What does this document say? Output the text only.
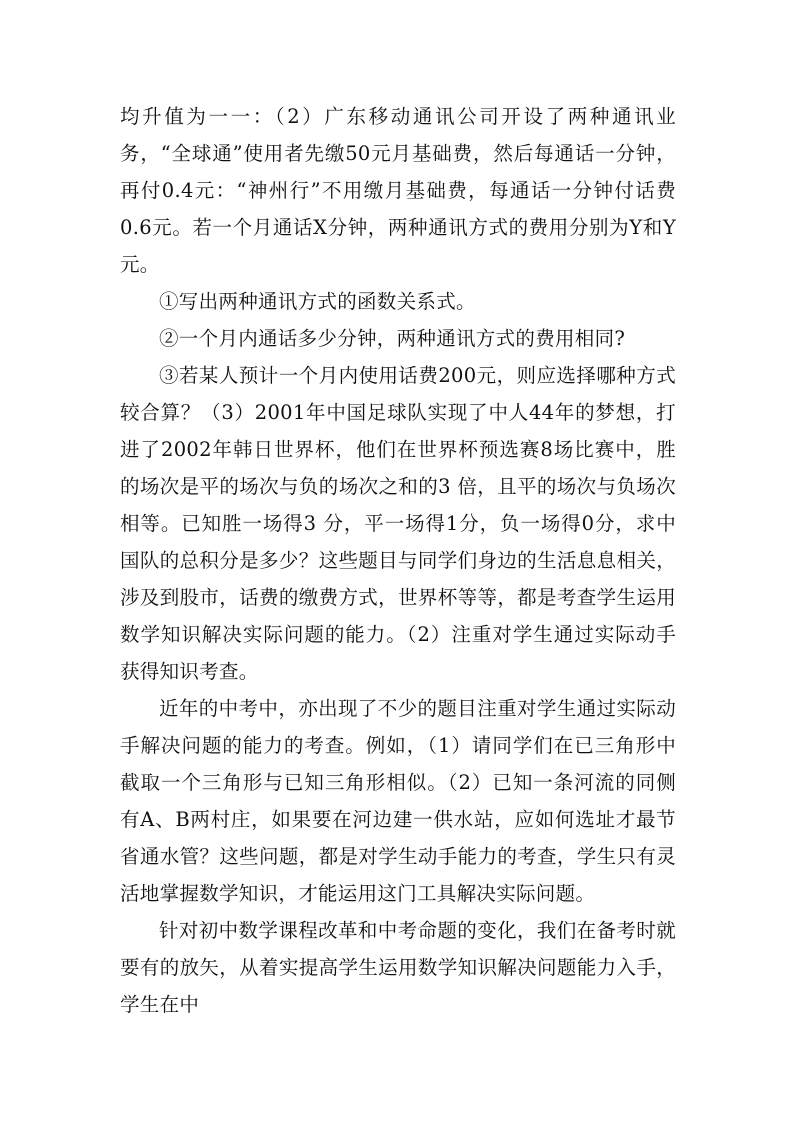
均升值为一一：（2）广东移动通讯公司开设了两种通讯业务，“全球通”使用者先缴50元月基础费，然后每通话一分钟，再付0.4元：“神州行”不用缴月基础费，每通话一分钟付话费0.6元。若一个月通话X分钟，两种通讯方式的费用分别为Y和Y元。

①写出两种通讯方式的函数关系式。

②一个月内通话多少分钟，两种通讯方式的费用相同?

③若某人预计一个月内使用话费200元，则应选择哪种方式较合算？（3）2001年中国足球队实现了中人44年的梦想，打进了2002年韩日世界杯，他们在世界杯预选赛8场比赛中，胜的场次是平的场次与负的场次之和的3 倍，且平的场次与负场次相等。已知胜一场得3 分，平一场得1分，负一场得0分，求中国队的总积分是多少？这些题目与同学们身边的生活息息相关，涉及到股市，话费的缴费方式，世界杯等等，都是考查学生运用数学知识解决实际问题的能力。（2）注重对学生通过实际动手获得知识考查。

近年的中考中，亦出现了不少的题目注重对学生通过实际动手解决问题的能力的考查。例如，（1）请同学们在已三角形中截取一个三角形与已知三角形相似。（2）已知一条河流的同侧有A、B两村庄，如果要在河边建一供水站，应如何选址才最节省通水管？这些问题，都是对学生动手能力的考查，学生只有灵活地掌握数学知识，才能运用这门工具解决实际问题。

针对初中数学课程改革和中考命题的变化，我们在备考时就要有的放矢，从着实提高学生运用数学知识解决问题能力入手，学生在中
